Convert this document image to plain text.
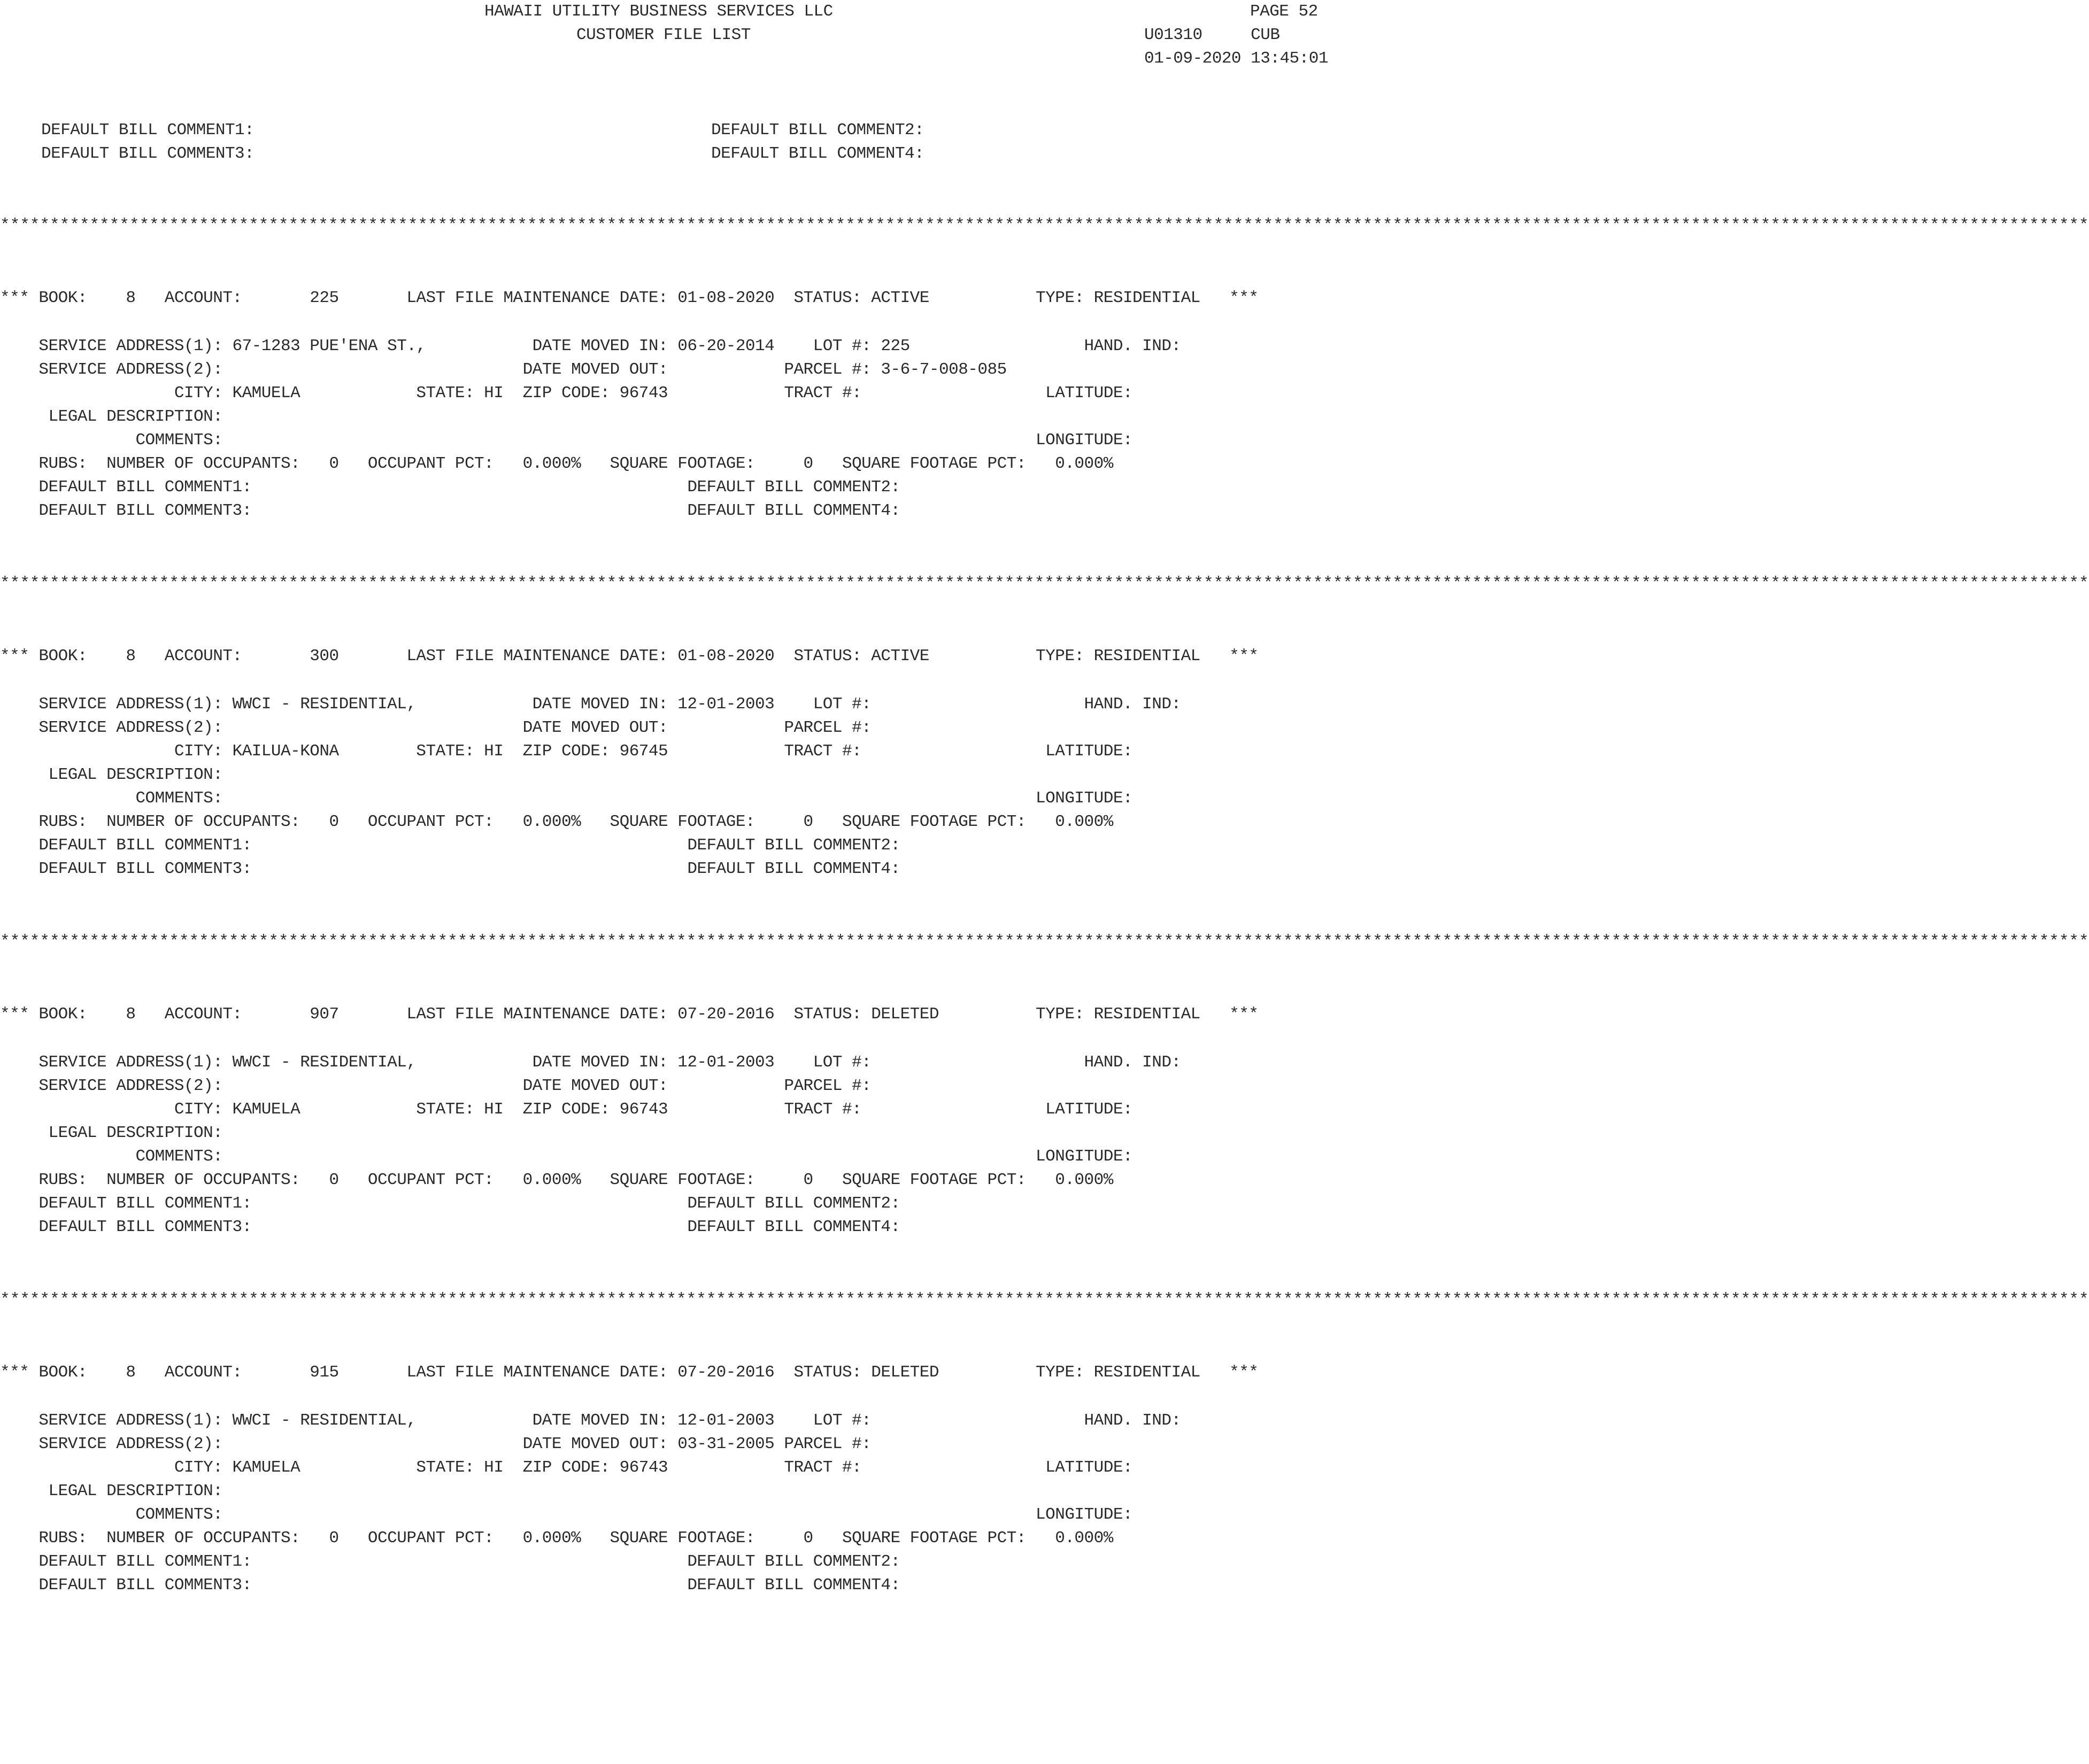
HAWAII UTILITY BUSINESS SERVICES LLC
CUSTOMER FILE LIST
PAGE 52
U01310     CUB
01-09-2020 13:45:01
DEFAULT BILL COMMENT1:	DEFAULT BILL COMMENT2:
DEFAULT BILL COMMENT3:	DEFAULT BILL COMMENT4:
******************************************************************************************************************************************************************************************************************
*** BOOK:    8   ACCOUNT:       225       LAST FILE MAINTENANCE DATE: 01-08-2020  STATUS: ACTIVE           TYPE: RESIDENTIAL   ***
SERVICE ADDRESS(1): 67-1283 PUE'ENA ST.,           DATE MOVED IN: 06-20-2014    LOT #: 225                  HAND. IND:
SERVICE ADDRESS(2):                               DATE MOVED OUT:            PARCEL #: 3-6-7-008-085
CITY: KAMUELA            STATE: HI  ZIP CODE: 96743            TRACT #:                   LATITUDE:
LEGAL DESCRIPTION:
COMMENTS:                                                                                    LONGITUDE:
RUBS:  NUMBER OF OCCUPANTS:   0   OCCUPANT PCT:   0.000%   SQUARE FOOTAGE:     0   SQUARE FOOTAGE PCT:   0.000%
DEFAULT BILL COMMENT1:                                             DEFAULT BILL COMMENT2:
DEFAULT BILL COMMENT3:                                             DEFAULT BILL COMMENT4:
******************************************************************************************************************************************************************************************************************
*** BOOK:    8   ACCOUNT:       300       LAST FILE MAINTENANCE DATE: 01-08-2020  STATUS: ACTIVE           TYPE: RESIDENTIAL   ***
SERVICE ADDRESS(1): WWCI - RESIDENTIAL,            DATE MOVED IN: 12-01-2003    LOT #:                      HAND. IND:
SERVICE ADDRESS(2):                               DATE MOVED OUT:            PARCEL #:
CITY: KAILUA-KONA        STATE: HI  ZIP CODE: 96745            TRACT #:                   LATITUDE:
LEGAL DESCRIPTION:
COMMENTS:                                                                                    LONGITUDE:
RUBS:  NUMBER OF OCCUPANTS:   0   OCCUPANT PCT:   0.000%   SQUARE FOOTAGE:     0   SQUARE FOOTAGE PCT:   0.000%
DEFAULT BILL COMMENT1:                                             DEFAULT BILL COMMENT2:
DEFAULT BILL COMMENT3:                                             DEFAULT BILL COMMENT4:
******************************************************************************************************************************************************************************************************************
*** BOOK:    8   ACCOUNT:       907       LAST FILE MAINTENANCE DATE: 07-20-2016  STATUS: DELETED          TYPE: RESIDENTIAL   ***
SERVICE ADDRESS(1): WWCI - RESIDENTIAL,            DATE MOVED IN: 12-01-2003    LOT #:                      HAND. IND:
SERVICE ADDRESS(2):                               DATE MOVED OUT:            PARCEL #:
CITY: KAMUELA            STATE: HI  ZIP CODE: 96743            TRACT #:                   LATITUDE:
LEGAL DESCRIPTION:
COMMENTS:                                                                                    LONGITUDE:
RUBS:  NUMBER OF OCCUPANTS:   0   OCCUPANT PCT:   0.000%   SQUARE FOOTAGE:     0   SQUARE FOOTAGE PCT:   0.000%
DEFAULT BILL COMMENT1:                                             DEFAULT BILL COMMENT2:
DEFAULT BILL COMMENT3:                                             DEFAULT BILL COMMENT4:
******************************************************************************************************************************************************************************************************************
*** BOOK:    8   ACCOUNT:       915       LAST FILE MAINTENANCE DATE: 07-20-2016  STATUS: DELETED          TYPE: RESIDENTIAL   ***
SERVICE ADDRESS(1): WWCI - RESIDENTIAL,            DATE MOVED IN: 12-01-2003    LOT #:                      HAND. IND:
SERVICE ADDRESS(2):                               DATE MOVED OUT: 03-31-2005 PARCEL #:
CITY: KAMUELA            STATE: HI  ZIP CODE: 96743            TRACT #:                   LATITUDE:
LEGAL DESCRIPTION:
COMMENTS:                                                                                    LONGITUDE:
RUBS:  NUMBER OF OCCUPANTS:   0   OCCUPANT PCT:   0.000%   SQUARE FOOTAGE:     0   SQUARE FOOTAGE PCT:   0.000%
DEFAULT BILL COMMENT1:                                             DEFAULT BILL COMMENT2:
DEFAULT BILL COMMENT3:                                             DEFAULT BILL COMMENT4:
